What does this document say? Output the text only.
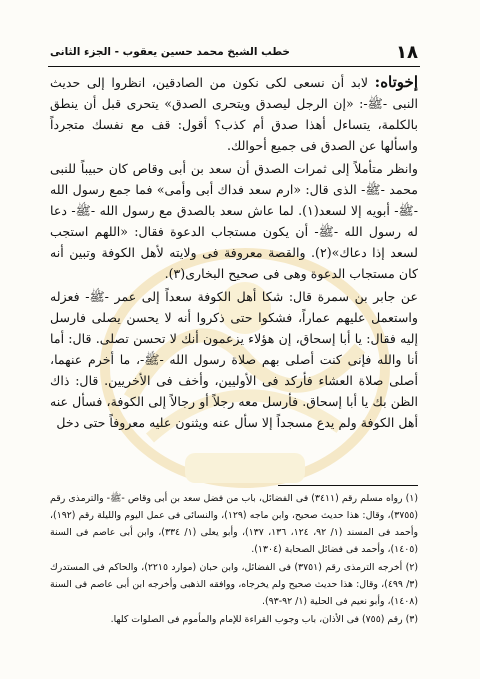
١٨
خطب الشيخ محمد حسين يعقوب - الجزء الثانى

إخوتاه: لابد أن نسعى لكى نكون من الصادقين، انظروا إلى حديث النبى -ﷺ-: «إن الرجل ليصدق ويتحرى الصدق» يتحرى قبل أن ينطق بالكلمة، يتساءل أهذا صدق أم كذب؟ أقول: قف مع نفسك متجرداً واسألها عن الصدق فى جميع أحوالك.

وانظر متأملاً إلى ثمرات الصدق أن سعد بن أبى وقاص كان حبيباً للنبى محمد -ﷺ- الذى قال: «ارم سعد فداك أبى وأمى» فما جمع رسول الله -ﷺ- أبويه إلا لسعد(١). لما عاش سعد بالصدق مع رسول الله -ﷺ- دعا له رسول الله -ﷺ- أن يكون مستجاب الدعوة فقال: «اللهم استجب لسعد إذا دعاك»(٢). والقصة معروفة فى ولايته لأهل الكوفة وتبين أنه كان مستجاب الدعوة وهى فى صحيح البخارى(٣).

عن جابر بن سمرة قال: شكا أهل الكوفة سعداً إلى عمر -ﷺ- فعزله واستعمل عليهم عماراً، فشكوا حتى ذكروا أنه لا يحسن يصلى فارسل إليه فقال: يا أبا إسحاق، إن هؤلاء يزعمون أنك لا تحسن تصلى. قال: أما أنا والله فإنى كنت أصلى بهم صلاة رسول الله -ﷺ-، ما أخرم عنهما، أصلى صلاة العشاء فأركد فى الأوليين، وأخف فى الأخريين. قال: ذاك الظن بك يا أبا إسحاق. فأرسل معه رجلاً أو رجالاً إلى الكوفة، فسأل عنه أهل الكوفة ولم يدع مسجداً إلا سأل عنه ويثنون عليه معروفاً حتى دخل

(١) رواه مسلم رقم (٣٤١١) فى الفضائل، باب من فضل سعد بن أبى وقاص -ﷺ- والترمذى رقم (٣٧٥٥)، وقال: هذا حديث صحيح، وابن ماجه (١٢٩)، والنسائى فى عمل اليوم والليلة رقم (١٩٢)، وأحمد فى المسند (١/ ٩٢، ١٢٤، ١٣٦، ١٣٧)، وأبو يعلى (١/ ٣٣٤)، وابن أبى عاصم فى السنة (١٤٠٥)، وأحمد فى فضائل الصحابة (١٣٠٤).

(٢) أخرجه الترمذى رقم (٣٧٥١) فى الفضائل، وابن حبان (موارد ٢٢١٥)، والحاكم فى المستدرك (٣/ ٤٩٩)، وقال: هذا حديث صحيح ولم يخرجاه، ووافقه الذهبى وأخرجه ابن أبى عاصم فى السنة (١٤٠٨)، وأبو نعيم فى الحلية (١/ ٩٢-٩٣).

(٣) رقم (٧٥٥) فى الأذان، باب وجوب القراءة للإمام والمأموم فى الصلوات كلها.
